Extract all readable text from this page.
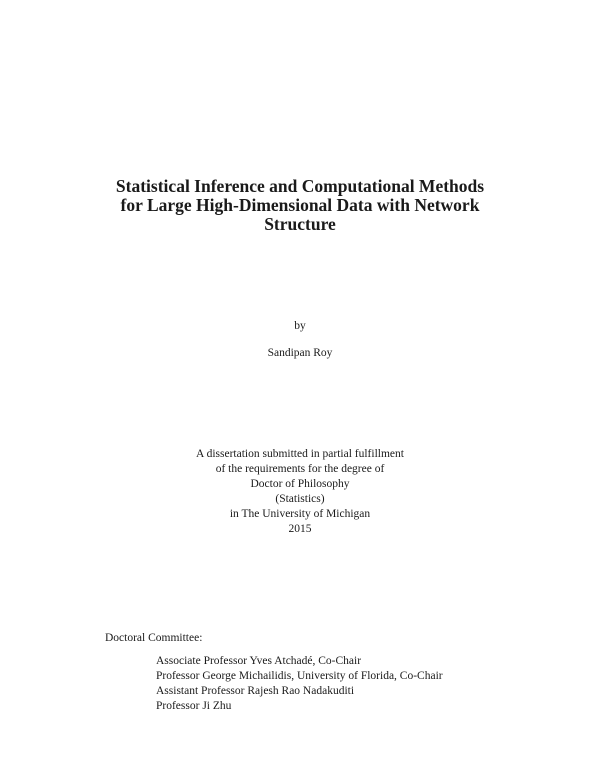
Statistical Inference and Computational Methods
for Large High-Dimensional Data with Network
Structure
by
Sandipan Roy
A dissertation submitted in partial fulfillment
of the requirements for the degree of
Doctor of Philosophy
(Statistics)
in The University of Michigan
2015
Doctoral Committee:
Associate Professor Yves Atchadé, Co-Chair
Professor George Michailidis, University of Florida, Co-Chair
Assistant Professor Rajesh Rao Nadakuditi
Professor Ji Zhu
